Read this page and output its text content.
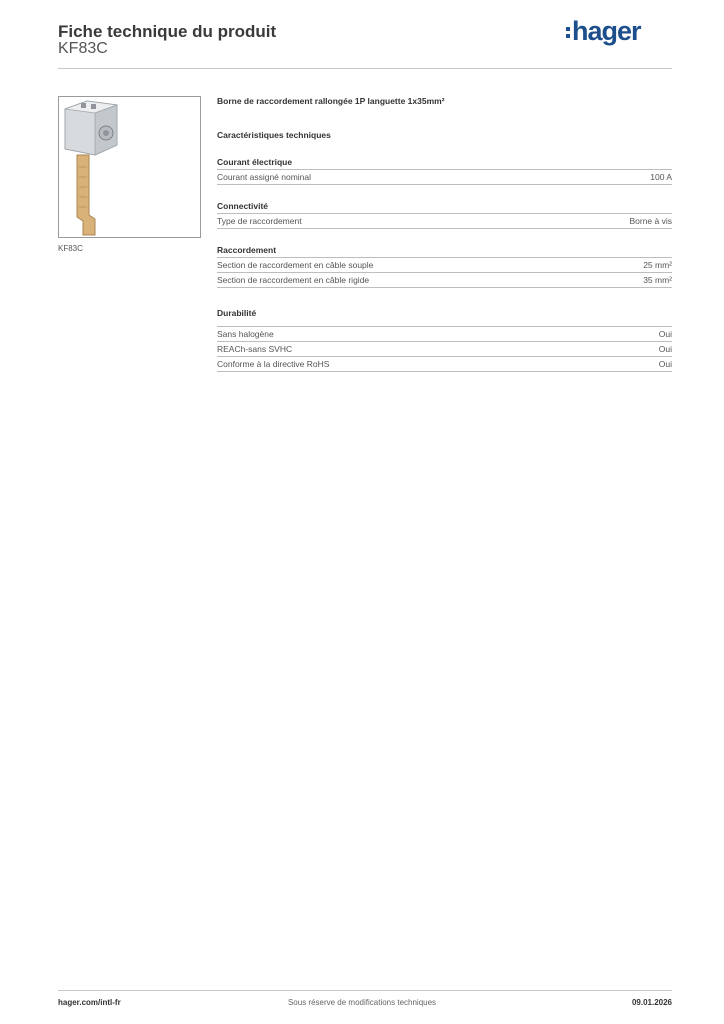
Fiche technique du produit
KF83C
hager
KF83C
Borne de raccordement rallongée 1P languette 1x35mm²
Caractéristiques techniques
Courant électrique
Courant assigné nominal	100 A
Connectivité
Type de raccordement	Borne à vis
Raccordement
Section de raccordement en câble souple	25 mm²
Section de raccordement en câble rigide	35 mm²
Durabilité
Sans halogène	Oui
REACh-sans SVHC	Oui
Conforme à la directive RoHS	Oui
hager.com/intl-fr	Sous réserve de modifications techniques	09.01.2026
